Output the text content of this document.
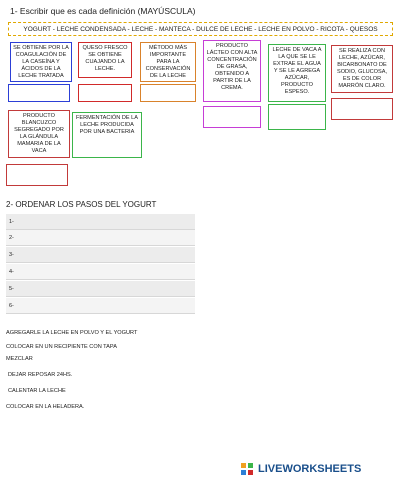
1- Escribir que es cada definición (MAYÚSCULA)
YOGURT - LECHE CONDENSADA - LECHE - MANTECA - DULCE DE LECHE - LECHE EN POLVO - RICOTA - QUESOS
SE OBTIENE POR LA COAGULACIÓN DE LA CASEÍNA Y ÁCIDOS DE LA LECHE TRATADA
QUESO FRESCO SE OBTIENE CUAJANDO LA LECHE.
MÉTODO MÁS IMPORTANTE PARA LA CONSERVACIÓN DE LA LECHE
PRODUCTO LÁCTEO CON ALTA CONCENTRACIÓN DE GRASA, OBTENIDO A PARTIR DE LA CREMA.
LECHE DE VACA A LA QUE SE LE EXTRAE EL AGUA Y SE LE AGREGA AZÚCAR, PRODUCTO ESPESO.
SE REALIZA CON LECHE, AZÚCAR, BICARBONATO DE SODIO, GLUCOSA, ES DE COLOR MARRÓN CLARO.
PRODUCTO BLANCUZCO SEGREGADO POR LA GLÁNDULA MAMARIA DE LA VACA
FERMENTACIÓN DE LA LECHE PRODUCIDA POR UNA BACTERIA
2- ORDENAR LOS PASOS DEL YOGURT
1-
2-
3-
4-
5-
6-
AGREGARLE LA LECHE EN POLVO Y EL YOGURT
COLOCAR EN UN RECIPIENTE CON TAPA
MEZCLAR
DEJAR REPOSAR 24HS.
CALENTAR LA LECHE
COLOCAR EN LA HELADERA.
LIVEWORKSHEETS
